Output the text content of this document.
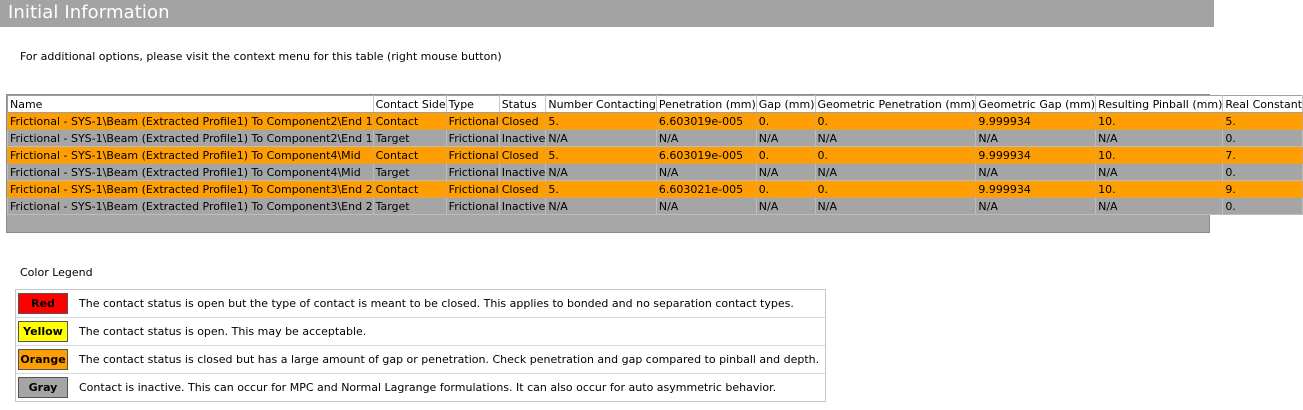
Initial Information
For additional options, please visit the context menu for this table (right mouse button)
Name	Contact Side	Type	Status	Number Contacting	Penetration (mm)	Gap (mm)	Geometric Penetration (mm)	Geometric Gap (mm)	Resulting Pinball (mm)	Real Constant
Frictional - SYS-1\Beam (Extracted Profile1) To Component2\End 1	Contact	Frictional	Closed	5.	6.603019e-005	0.	0.	9.999934	10.	5.
Frictional - SYS-1\Beam (Extracted Profile1) To Component2\End 1	Target	Frictional	Inactive	N/A	N/A	N/A	N/A	N/A	N/A	0.
Frictional - SYS-1\Beam (Extracted Profile1) To Component4\Mid	Contact	Frictional	Closed	5.	6.603019e-005	0.	0.	9.999934	10.	7.
Frictional - SYS-1\Beam (Extracted Profile1) To Component4\Mid	Target	Frictional	Inactive	N/A	N/A	N/A	N/A	N/A	N/A	0.
Frictional - SYS-1\Beam (Extracted Profile1) To Component3\End 2	Contact	Frictional	Closed	5.	6.603021e-005	0.	0.	9.999934	10.	9.
Frictional - SYS-1\Beam (Extracted Profile1) To Component3\End 2	Target	Frictional	Inactive	N/A	N/A	N/A	N/A	N/A	N/A	0.
Color Legend
Red	The contact status is open but the type of contact is meant to be closed. This applies to bonded and no separation contact types.

Yellow	The contact status is open. This may be acceptable.

Orange	The contact status is closed but has a large amount of gap or penetration. Check penetration and gap compared to pinball and depth.

Gray	Contact is inactive. This can occur for MPC and Normal Lagrange formulations. It can also occur for auto asymmetric behavior.
